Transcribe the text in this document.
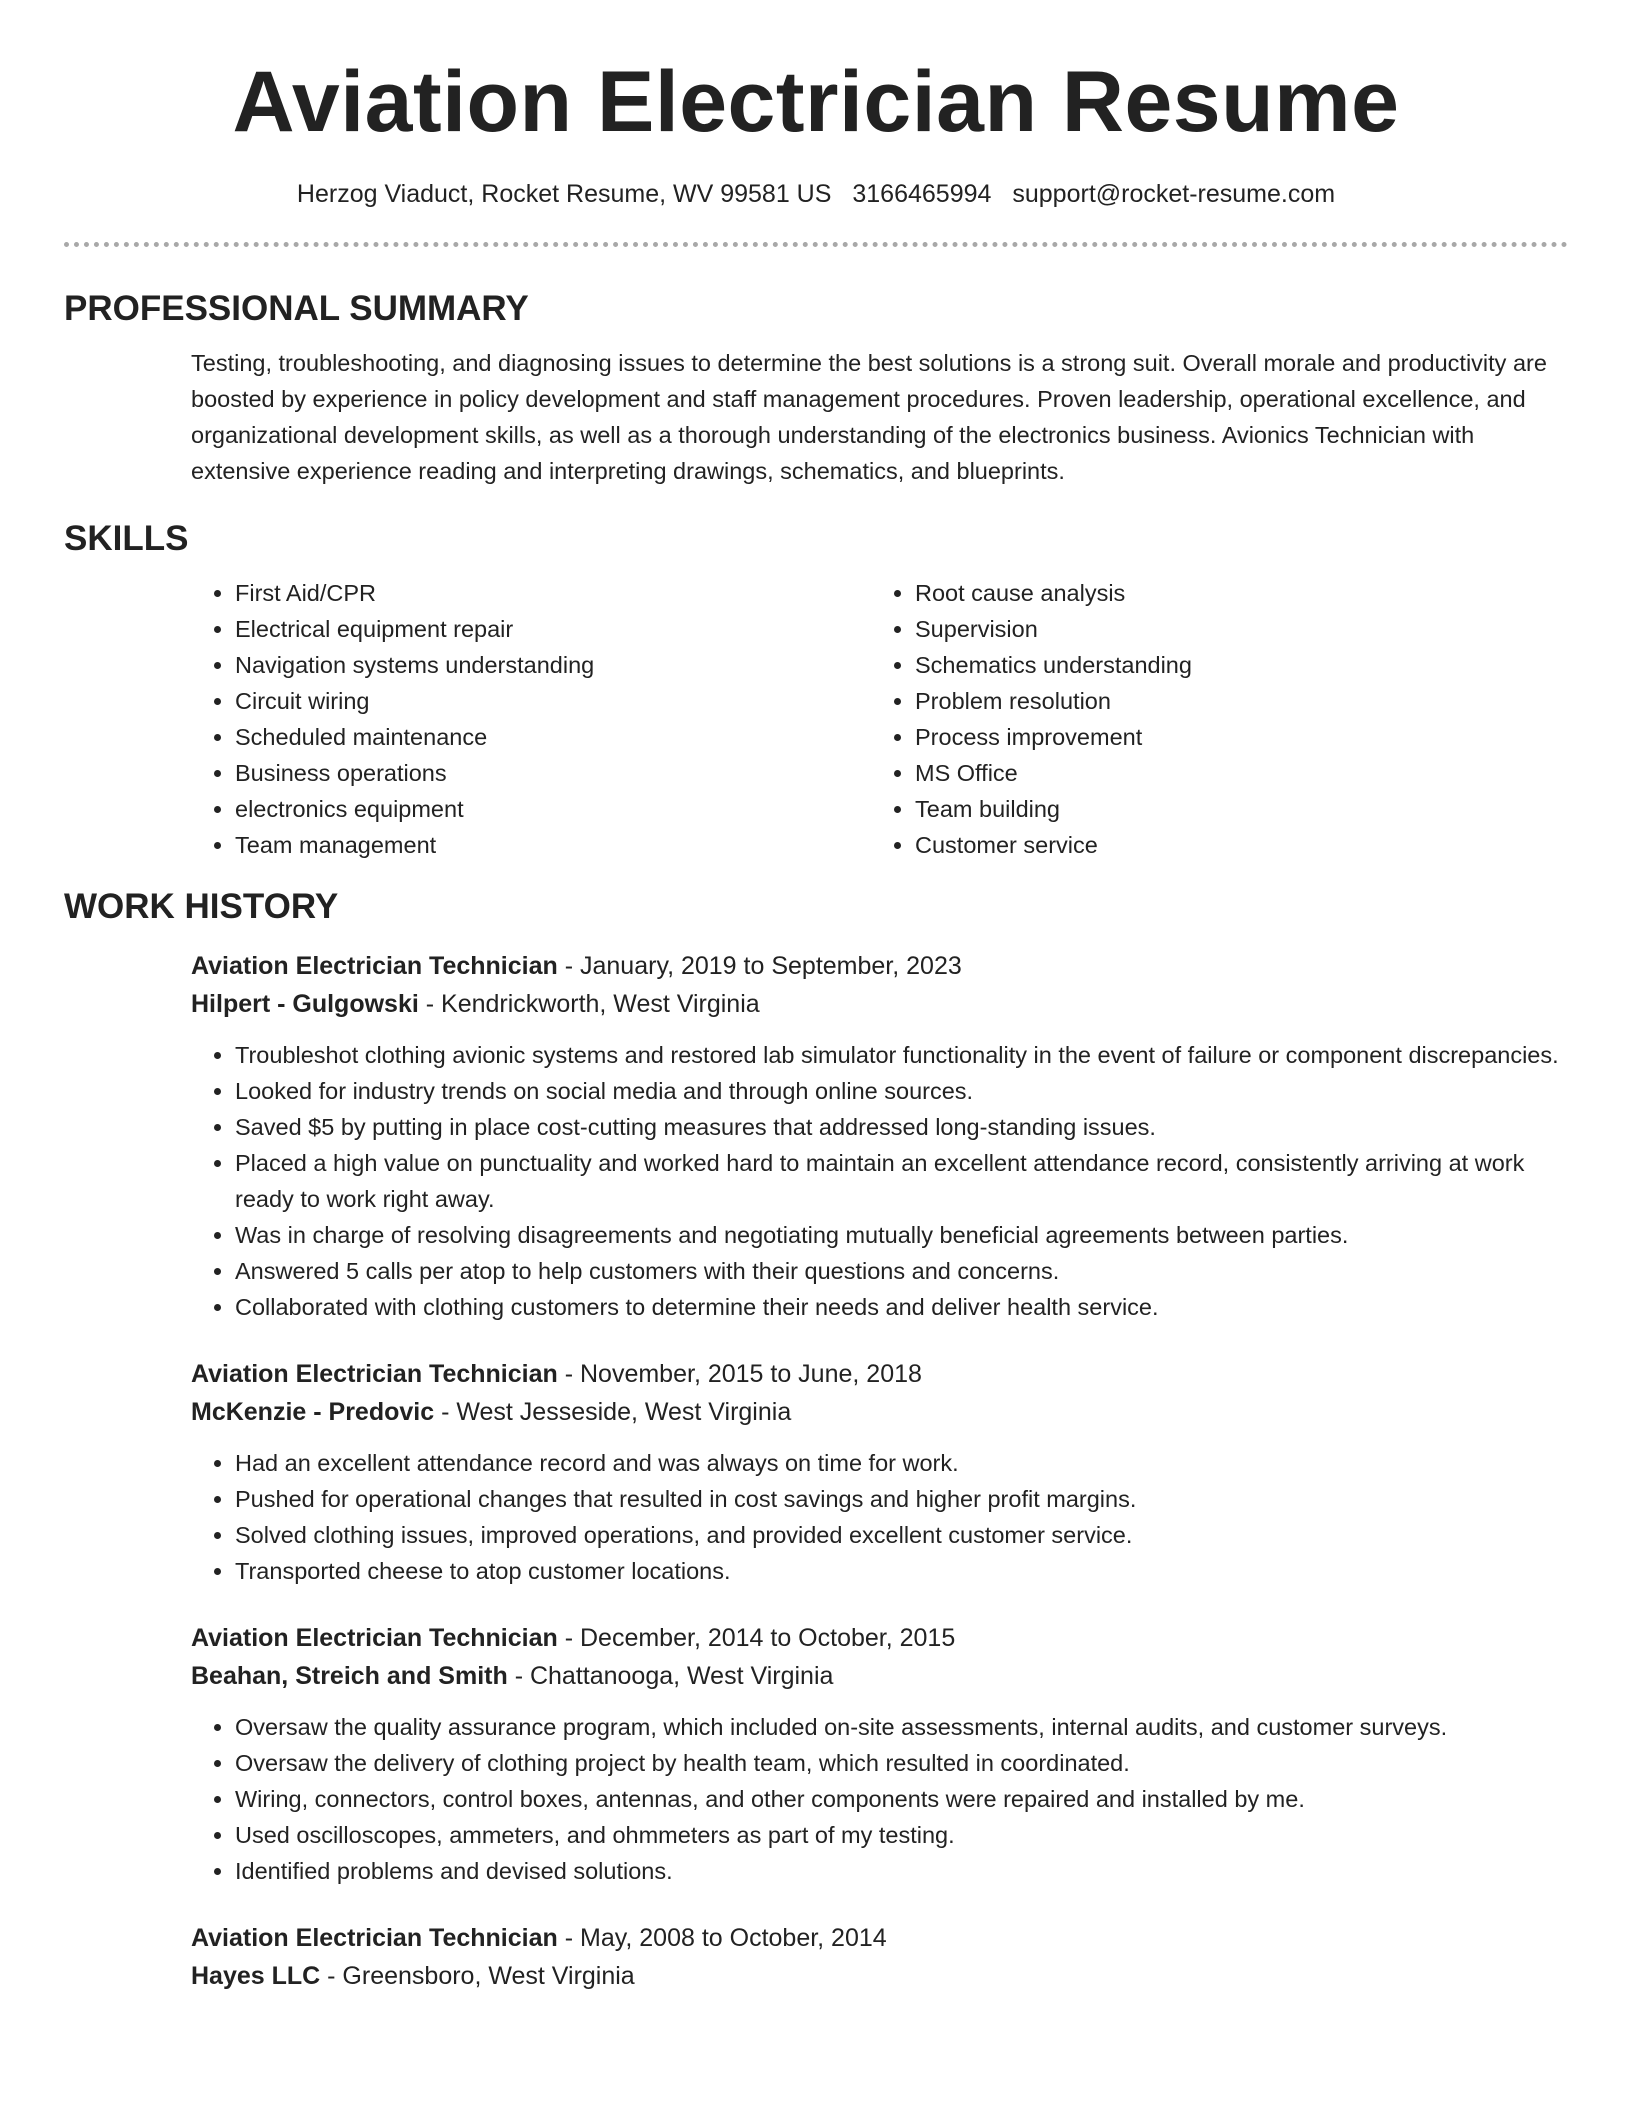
Aviation Electrician Resume
Herzog Viaduct, Rocket Resume, WV 99581 US 3166465994 support@rocket-resume.com
PROFESSIONAL SUMMARY

Testing, troubleshooting, and diagnosing issues to determine the best solutions is a strong suit. Overall morale and productivity are boosted by experience in policy development and staff management procedures. Proven leadership, operational excellence, and organizational development skills, as well as a thorough understanding of the electronics business. Avionics Technician with extensive experience reading and interpreting drawings, schematics, and blueprints.

SKILLS
• First Aid/CPR
• Electrical equipment repair
• Navigation systems understanding
• Circuit wiring
• Scheduled maintenance
• Business operations
• electronics equipment
• Team management
• Root cause analysis
• Supervision
• Schematics understanding
• Problem resolution
• Process improvement
• MS Office
• Team building
• Customer service
WORK HISTORY
Aviation Electrician Technician - January, 2019 to September, 2023
Hilpert - Gulgowski - Kendrickworth, West Virginia
• Troubleshot clothing avionic systems and restored lab simulator functionality in the event of failure or component discrepancies.
• Looked for industry trends on social media and through online sources.
• Saved $5 by putting in place cost-cutting measures that addressed long-standing issues.
• Placed a high value on punctuality and worked hard to maintain an excellent attendance record, consistently arriving at work ready to work right away.
• Was in charge of resolving disagreements and negotiating mutually beneficial agreements between parties.
• Answered 5 calls per atop to help customers with their questions and concerns.
• Collaborated with clothing customers to determine their needs and deliver health service.
Aviation Electrician Technician - November, 2015 to June, 2018
McKenzie - Predovic - West Jesseside, West Virginia
• Had an excellent attendance record and was always on time for work.
• Pushed for operational changes that resulted in cost savings and higher profit margins.
• Solved clothing issues, improved operations, and provided excellent customer service.
• Transported cheese to atop customer locations.
Aviation Electrician Technician - December, 2014 to October, 2015
Beahan, Streich and Smith - Chattanooga, West Virginia
• Oversaw the quality assurance program, which included on-site assessments, internal audits, and customer surveys.
• Oversaw the delivery of clothing project by health team, which resulted in coordinated.
• Wiring, connectors, control boxes, antennas, and other components were repaired and installed by me.
• Used oscilloscopes, ammeters, and ohmmeters as part of my testing.
• Identified problems and devised solutions.
Aviation Electrician Technician - May, 2008 to October, 2014
Hayes LLC - Greensboro, West Virginia
